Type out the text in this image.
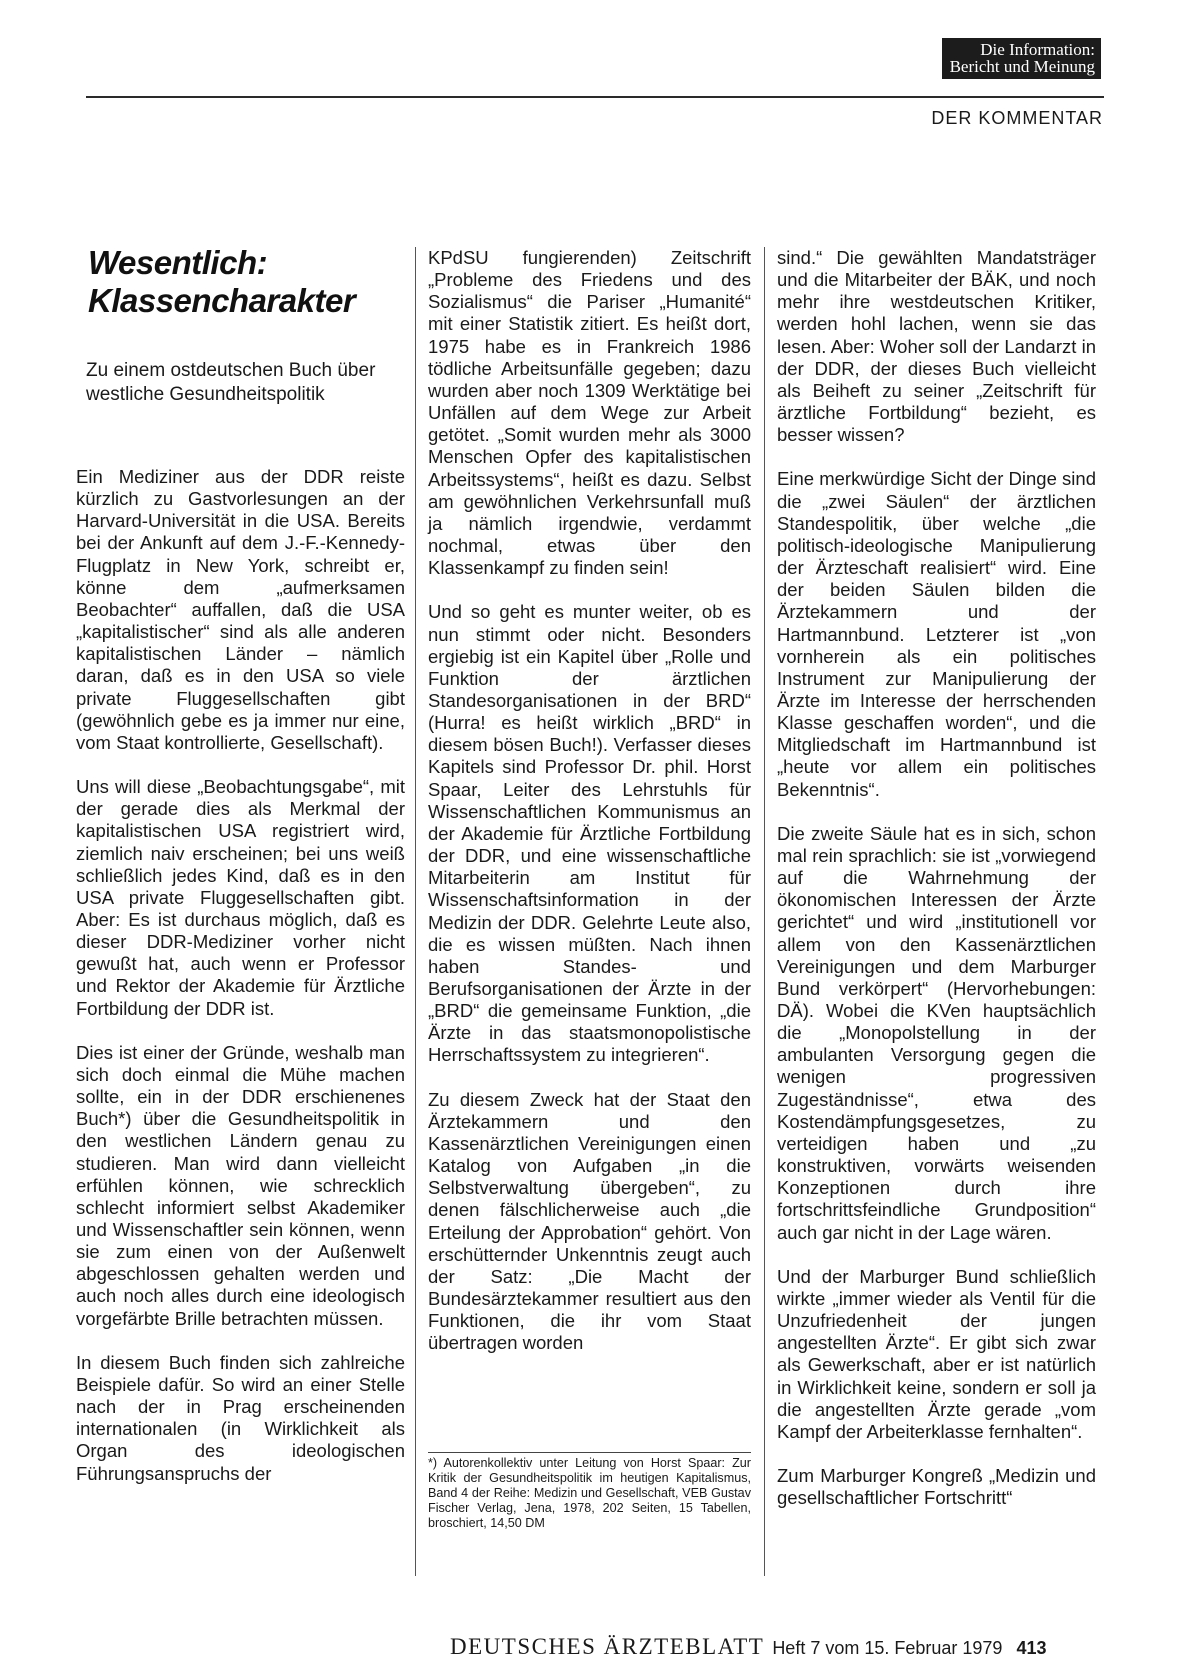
Die Information:
Bericht und Meinung
DER KOMMENTAR
Wesentlich:
Klassencharakter
Zu einem ostdeutschen Buch über westliche Gesundheitspolitik

Ein Mediziner aus der DDR reiste kürzlich zu Gastvorlesungen an der Harvard-Universität in die USA. Bereits bei der Ankunft auf dem J.-F.-Kennedy-Flugplatz in New York, schreibt er, könne dem „aufmerksamen Beobachter“ auffallen, daß die USA „kapitalistischer“ sind als alle anderen kapitalistischen Länder – nämlich daran, daß es in den USA so viele private Fluggesellschaften gibt (gewöhnlich gebe es ja immer nur eine, vom Staat kontrollierte, Gesellschaft).

Uns will diese „Beobachtungsgabe“, mit der gerade dies als Merkmal der kapitalistischen USA registriert wird, ziemlich naiv erscheinen; bei uns weiß schließlich jedes Kind, daß es in den USA private Fluggesellschaften gibt. Aber: Es ist durchaus möglich, daß es dieser DDR-Mediziner vorher nicht gewußt hat, auch wenn er Professor und Rektor der Akademie für Ärztliche Fortbildung der DDR ist.

Dies ist einer der Gründe, weshalb man sich doch einmal die Mühe machen sollte, ein in der DDR erschienenes Buch*) über die Gesundheitspolitik in den westlichen Ländern genau zu studieren. Man wird dann vielleicht erfühlen können, wie schrecklich schlecht informiert selbst Akademiker und Wissenschaftler sein können, wenn sie zum einen von der Außenwelt abgeschlossen gehalten werden und auch noch alles durch eine ideologisch vorgefärbte Brille betrachten müssen.

In diesem Buch finden sich zahlreiche Beispiele dafür. So wird an einer Stelle nach der in Prag erscheinenden internationalen (in Wirklichkeit als Organ des ideologischen Führungsanspruchs der

KPdSU fungierenden) Zeitschrift „Probleme des Friedens und des Sozialismus“ die Pariser „Humanité“ mit einer Statistik zitiert. Es heißt dort, 1975 habe es in Frankreich 1986 tödliche Arbeitsunfälle gegeben; dazu wurden aber noch 1309 Werktätige bei Unfällen auf dem Wege zur Arbeit getötet. „Somit wurden mehr als 3000 Menschen Opfer des kapitalistischen Arbeitssystems“, heißt es dazu. Selbst am gewöhnlichen Verkehrsunfall muß ja nämlich irgendwie, verdammt nochmal, etwas über den Klassenkampf zu finden sein!

Und so geht es munter weiter, ob es nun stimmt oder nicht. Besonders ergiebig ist ein Kapitel über „Rolle und Funktion der ärztlichen Standesorganisationen in der BRD“ (Hurra! es heißt wirklich „BRD“ in diesem bösen Buch!). Verfasser dieses Kapitels sind Professor Dr. phil. Horst Spaar, Leiter des Lehrstuhls für Wissenschaftlichen Kommunismus an der Akademie für Ärztliche Fortbildung der DDR, und eine wissenschaftliche Mitarbeiterin am Institut für Wissenschaftsinformation in der Medizin der DDR. Gelehrte Leute also, die es wissen müßten. Nach ihnen haben Standes- und Berufsorganisationen der Ärzte in der „BRD“ die gemeinsame Funktion, „die Ärzte in das staatsmonopolistische Herrschaftssystem zu integrieren“.

Zu diesem Zweck hat der Staat den Ärztekammern und den Kassenärztlichen Vereinigungen einen Katalog von Aufgaben „in die Selbstverwaltung übergeben“, zu denen fälschlicherweise auch „die Erteilung der Approbation“ gehört. Von erschütternder Unkenntnis zeugt auch der Satz: „Die Macht der Bundesärztekammer resultiert aus den Funktionen, die ihr vom Staat übertragen worden

*) Autorenkollektiv unter Leitung von Horst Spaar: Zur Kritik der Gesundheitspolitik im heutigen Kapitalismus, Band 4 der Reihe: Medizin und Gesellschaft, VEB Gustav Fischer Verlag, Jena, 1978, 202 Seiten, 15 Tabellen, broschiert, 14,50 DM

sind.“ Die gewählten Mandatsträger und die Mitarbeiter der BÄK, und noch mehr ihre westdeutschen Kritiker, werden hohl lachen, wenn sie das lesen. Aber: Woher soll der Landarzt in der DDR, der dieses Buch vielleicht als Beiheft zu seiner „Zeitschrift für ärztliche Fortbildung“ bezieht, es besser wissen?

Eine merkwürdige Sicht der Dinge sind die „zwei Säulen“ der ärztlichen Standespolitik, über welche „die politisch-ideologische Manipulierung der Ärzteschaft realisiert“ wird. Eine der beiden Säulen bilden die Ärztekammern und der Hartmannbund. Letzterer ist „von vornherein als ein politisches Instrument zur Manipulierung der Ärzte im Interesse der herrschenden Klasse geschaffen worden“, und die Mitgliedschaft im Hartmannbund ist „heute vor allem ein politisches Bekenntnis“.

Die zweite Säule hat es in sich, schon mal rein sprachlich: sie ist „vorwiegend auf die Wahrnehmung der ökonomischen Interessen der Ärzte gerichtet“ und wird „institutionell vor allem von den Kassenärztlichen Vereinigungen und dem Marburger Bund verkörpert“ (Hervorhebungen: DÄ). Wobei die KVen hauptsächlich die „Monopolstellung in der ambulanten Versorgung gegen die wenigen progressiven Zugeständnisse“, etwa des Kostendämpfungsgesetzes, zu verteidigen haben und „zu konstruktiven, vorwärts weisenden Konzeptionen durch ihre fortschrittsfeindliche Grundposition“ auch gar nicht in der Lage wären.

Und der Marburger Bund schließlich wirkte „immer wieder als Ventil für die Unzufriedenheit der jungen angestellten Ärzte“. Er gibt sich zwar als Gewerkschaft, aber er ist natürlich in Wirklichkeit keine, sondern er soll ja die angestellten Ärzte gerade „vom Kampf der Arbeiterklasse fernhalten“.

Zum Marburger Kongreß „Medizin und gesellschaftlicher Fortschritt“

DEUTSCHES ÄRZTEBLATT Heft 7 vom 15. Februar 1979 413
